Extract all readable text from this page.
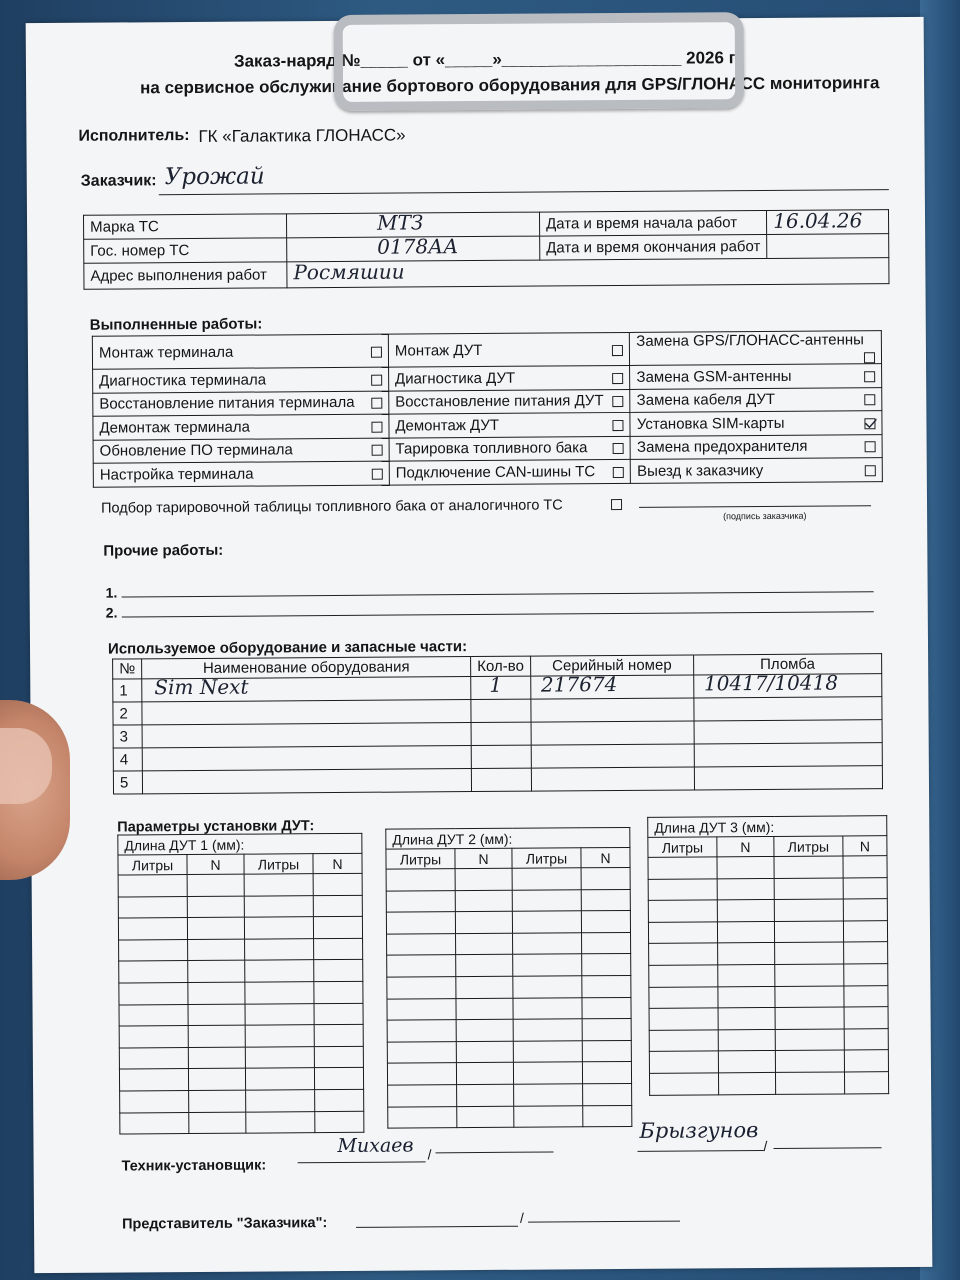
Заказ-наряд №_____ от «_____»___________________ 2026 г.
на сервисное обслуживание бортового оборудования для GPS/ГЛОНАСС мониторинга
Исполнитель: ГК «Галактика ГЛОНАСС»
Заказчик: Урожай
Марка ТС	МТЗ	Дата и время начала работ	16.04.26

Гос. номер ТС	0178АА	Дата и время окончания работ	
Адрес выполнения работ	Росмяшии		
Выполненные работы:
Монтаж терминала	Монтаж ДУТ	Замена GPS/ГЛОНАСС-антенны

Диагностика терминала	Диагностика ДУТ	Замена GSM-антенны

Восстановление питания терминала	Восстановление питания ДУТ	Замена кабеля ДУТ

Демонтаж терминала	Демонтаж ДУТ	Установка SIM-карты

Обновление ПО терминала	Тарировка топливного бака	Замена предохранителя

Настройка терминала	Подключение CAN-шины ТС	Выезд к заказчику
Подбор тарировочной таблицы топливного бака от аналогичного ТС	(подпись заказчика)
Прочие работы:
1.
2.
Используемое оборудование и запасные части:
№	Наименование оборудования	Кол-во	Серийный номер	Пломба
1	Sim Next	1	217674	10417/10418

2	

3	

4	

5	

Параметры установки ДУТ:
Длина ДУТ 1 (мм):			
Литры	N	Литры	N

Длина ДУТ 2 (мм):			
Литры	N	Литры	N

Длина ДУТ 3 (мм):			
Литры	N	Литры	N

Техник-установщик:
/
Михаев	/
Брызгунов
Представитель "Заказчика":	/
